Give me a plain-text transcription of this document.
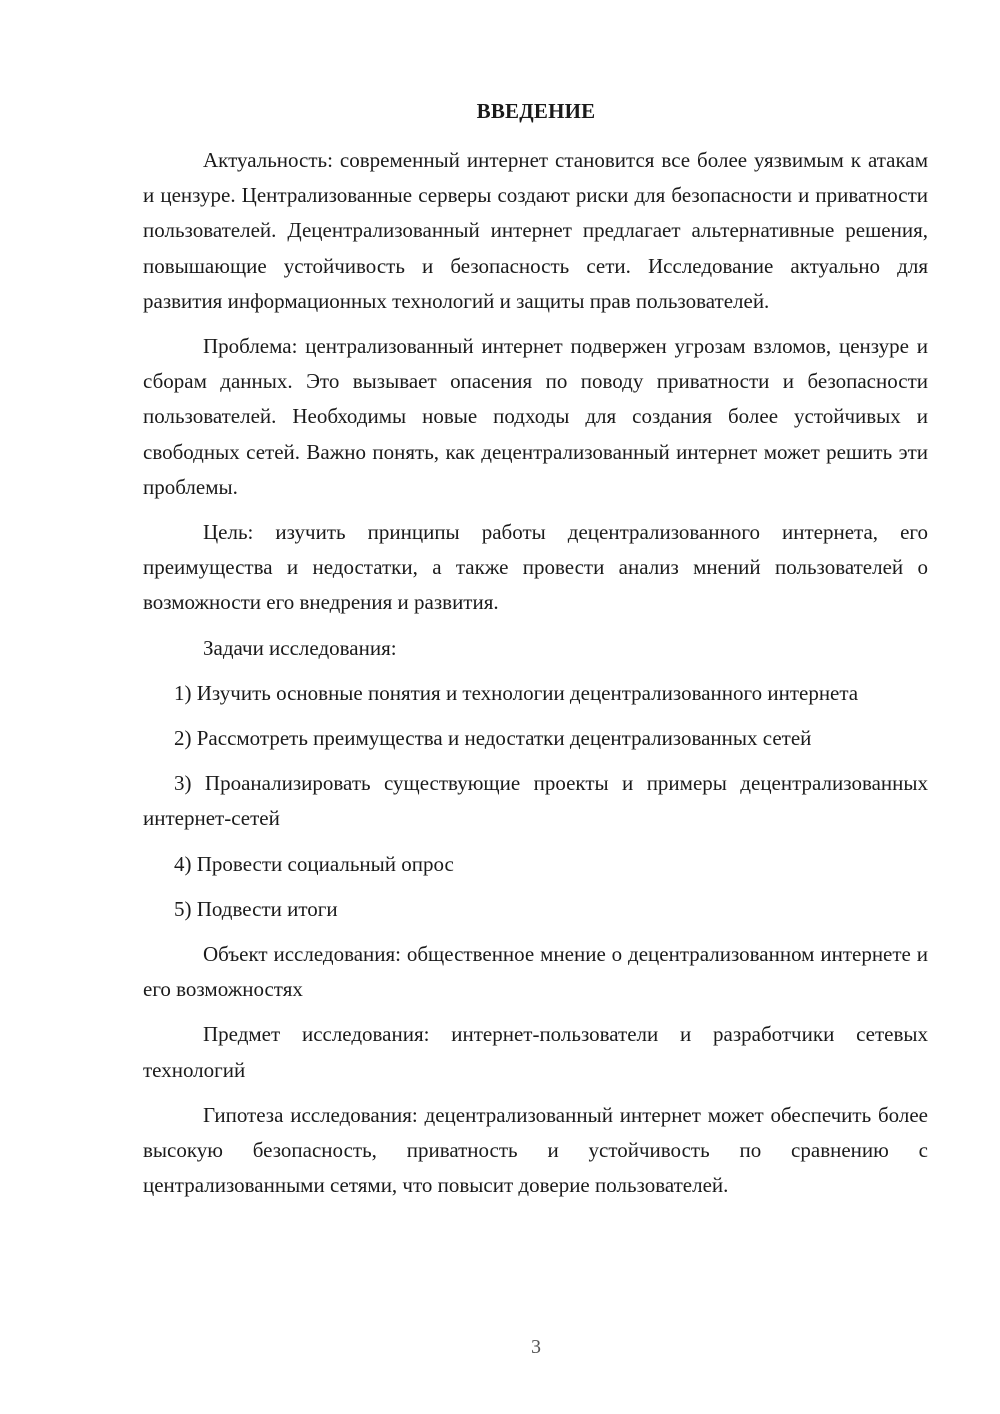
ВВЕДЕНИЕ

Актуальность: современный интернет становится все более уязвимым к атакам и цензуре. Централизованные серверы создают риски для безопасности и приватности пользователей. Децентрализованный интернет предлагает альтернативные решения, повышающие устойчивость и безопасность сети. Исследование актуально для развития информационных технологий и защиты прав пользователей.

Проблема: централизованный интернет подвержен угрозам взломов, цензуре и сборам данных. Это вызывает опасения по поводу приватности и безопасности пользователей. Необходимы новые подходы для создания более устойчивых и свободных сетей. Важно понять, как децентрализованный интернет может решить эти проблемы.

Цель: изучить принципы работы децентрализованного интернета, его преимущества и недостатки, а также провести анализ мнений пользователей о возможности его внедрения и развития.

Задачи исследования:

1) Изучить основные понятия и технологии децентрализованного интернета

2) Рассмотреть преимущества и недостатки децентрализованных сетей

3) Проанализировать существующие проекты и примеры децентрализованных интернет-сетей

4) Провести социальный опрос

5) Подвести итоги

Объект исследования: общественное мнение о децентрализованном интернете и его возможностях

Предмет исследования: интернет-пользователи и разработчики сетевых технологий

Гипотеза исследования: децентрализованный интернет может обеспечить более высокую безопасность, приватность и устойчивость по сравнению с централизованными сетями, что повысит доверие пользователей.

3
